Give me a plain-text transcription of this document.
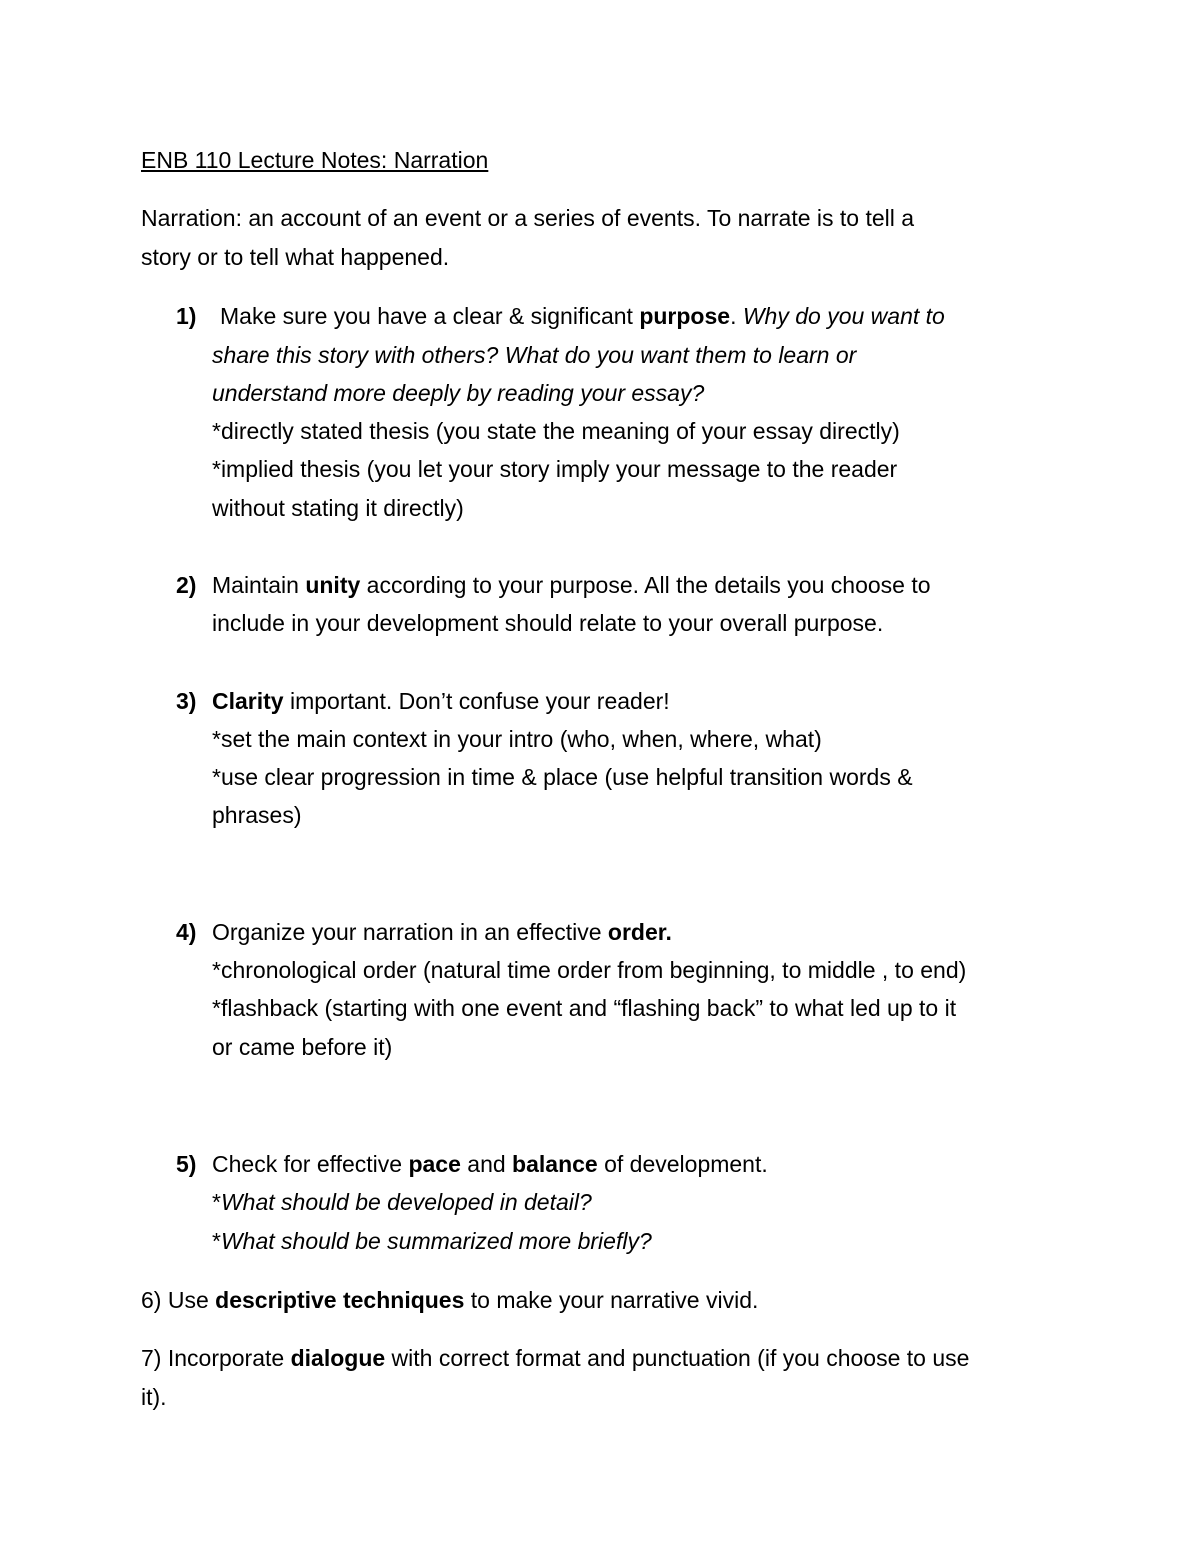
ENB 110 Lecture Notes: Narration

Narration: an account of an event or a series of events. To narrate is to tell a

story or to tell what happened.

1) Make sure you have a clear & significant purpose. Why do you want to

share this story with others? What do you want them to learn or

understand more deeply by reading your essay?

*directly stated thesis (you state the meaning of your essay directly)

*implied thesis (you let your story imply your message to the reader

without stating it directly)

2) Maintain unity according to your purpose. All the details you choose to

include in your development should relate to your overall purpose.

3) Clarity important. Don’t confuse your reader!

*set the main context in your intro (who, when, where, what)

*use clear progression in time & place (use helpful transition words &

phrases)

4) Organize your narration in an effective order.

*chronological order (natural time order from beginning, to middle , to end)

*flashback (starting with one event and “flashing back” to what led up to it

or came before it)

5) Check for effective pace and balance of development.

*What should be developed in detail?

*What should be summarized more briefly?

6) Use descriptive techniques to make your narrative vivid.

7) Incorporate dialogue with correct format and punctuation (if you choose to use

it).
